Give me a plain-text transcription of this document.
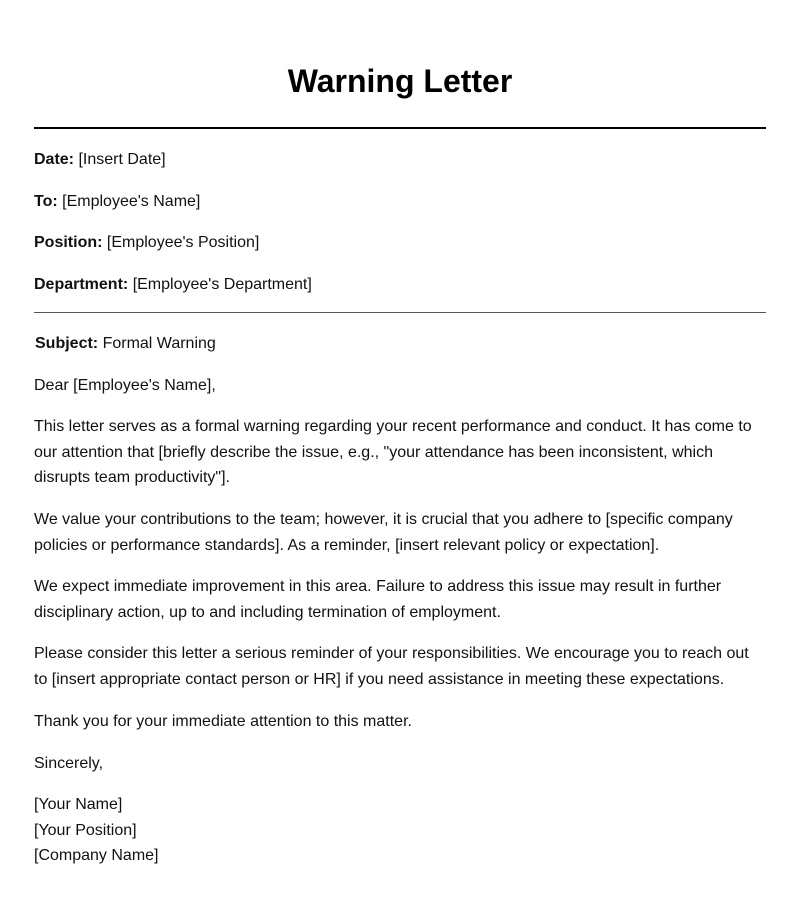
Warning Letter

Date: [Insert Date]

To: [Employee's Name]

Position: [Employee's Position]

Department: [Employee's Department]

Subject: Formal Warning

Dear [Employee's Name],

This letter serves as a formal warning regarding your recent performance and conduct. It has come to our attention that [briefly describe the issue, e.g., "your attendance has been inconsistent, which disrupts team productivity"].

We value your contributions to the team; however, it is crucial that you adhere to [specific company policies or performance standards]. As a reminder, [insert relevant policy or expectation].

We expect immediate improvement in this area. Failure to address this issue may result in further disciplinary action, up to and including termination of employment.

Please consider this letter a serious reminder of your responsibilities. We encourage you to reach out to [insert appropriate contact person or HR] if you need assistance in meeting these expectations.

Thank you for your immediate attention to this matter.

Sincerely,

[Your Name]
[Your Position]
[Company Name]
